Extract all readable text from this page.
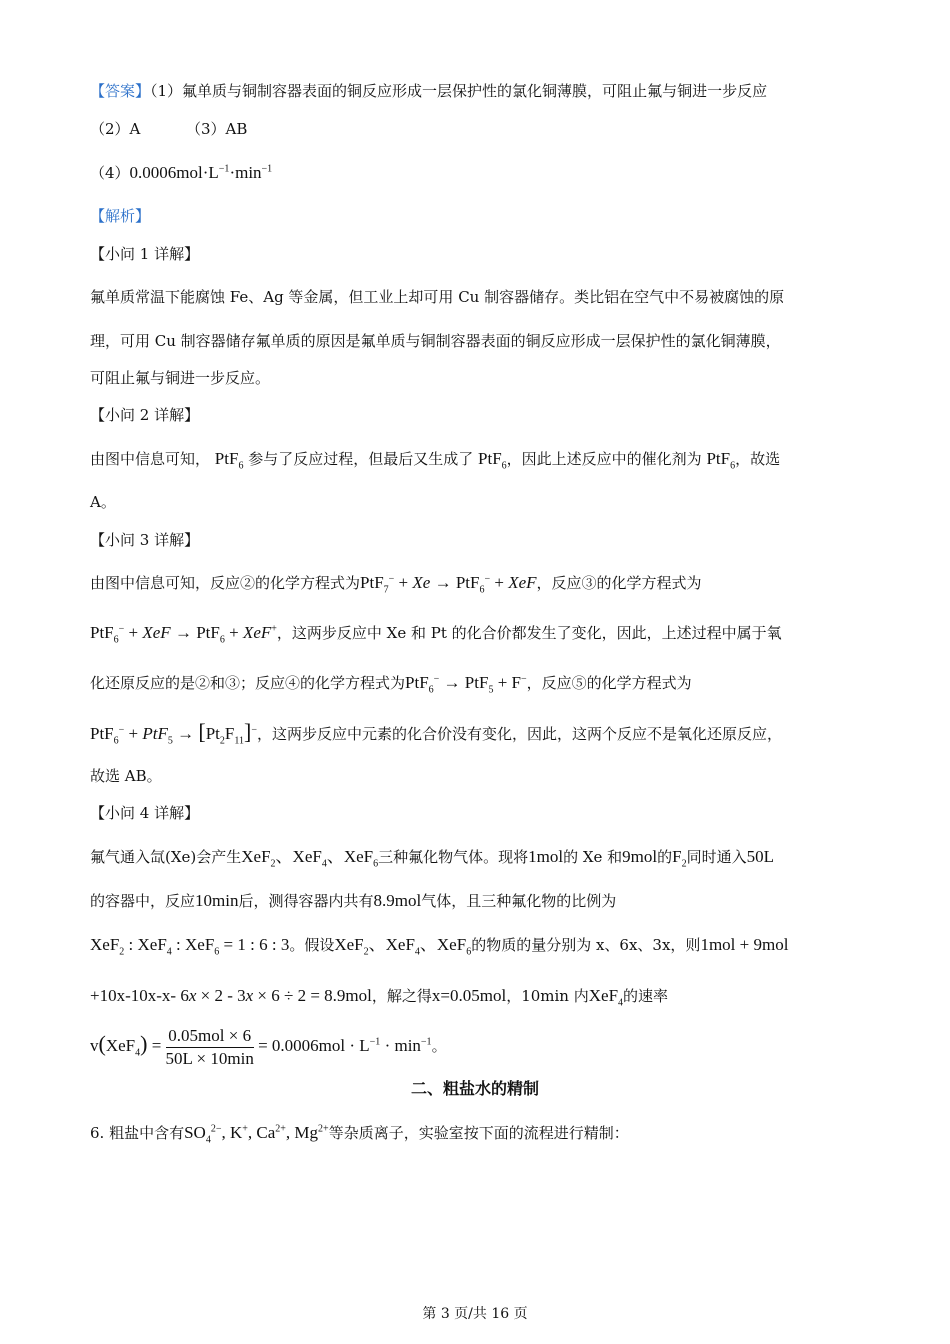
【答案】（1）氟单质与铜制容器表面的铜反应形成一层保护性的氯化铜薄膜，可阻止氟与铜进一步反应
（2）A	（3）AB
$(4)0.0006mol\cdot L^{-1}\cdot\min^{-1}$
【解析】
【小问 1 详解】
氟单质常温下能腐蚀 Fe、Ag 等金属，但工业上却可用 Cu 制容器储存。类比铝在空气中不易被腐蚀的原
理，可用 Cu 制容器储存氟单质的原因是氟单质与铜制容器表面的铜反应形成一层保护性的氯化铜薄膜，
可阻止氟与铜进一步反应。
【小问 2 详解】
由图中信息可知， PtF$_6$ 参与了反应过程，但最后又生成了 PtF$_6$，因此上述反应中的催化剂为 PtF$_6$，故选
A。
【小问 3 详解】
由图中信息可知，反应②的化学方程式为PtF$_7$− + Xe → PtF$_6$− + XeF，反应③的化学方程式为
PtF$_6$− + XeF → PtF$_6$ + XeF+，这两步反应中 Xe 和 Pt 的化合价都发生了变化，因此，上述过程中属于氧
化还原反应的是②和③；反应④的化学方程式为PtF$_6$− → PtF$_5$ + F−，反应⑤的化学方程式为
$PtF_6^- + PtF_5 \to [Pt_2F_{11}]^-$，这两步反应中元素的化合价没有变化，因此，这两个反应不是氧化还原反应，
故选 AB。
【小问 4 详解】
氟气通入氙(Xe)会产生XeF$_2$、XeF$_4$、XeF$_6$三种氟化物气体。现将1mol的 Xe 和9mol的$F_2$同时通入50L
的容器中，反应10min后，测得容器内共有8.9mol气体，且三种氟化物的比例为
XeF$_2$ : XeF$_4$ : XeF$_6$ = 1 : 6 : 3。假设XeF$_2$、XeF$_4$、XeF$_6$的物质的量分别为 x、6x、3x，则1mol + 9mol
+10x-10x-x- 6x × 2 - 3x × 6 ÷ 2 = 8.9mol，解之得x=0.05mol，10min 内XeF$_4$的速率
$v(XeF_4) = \frac{\text{0.05mol × 6}}{50L \times 10\min} = 0.0006mol \cdot L^{-1} \cdot \min^{-1}$。
二、粗盐水的精制
6. 粗盐中含有$SO_4^{2-}$, K+, $Ca^{2+}$, $Mg^{2+}$等杂质离子，实验室按下面的流程进行精制：
第 3 页/共 16 页
